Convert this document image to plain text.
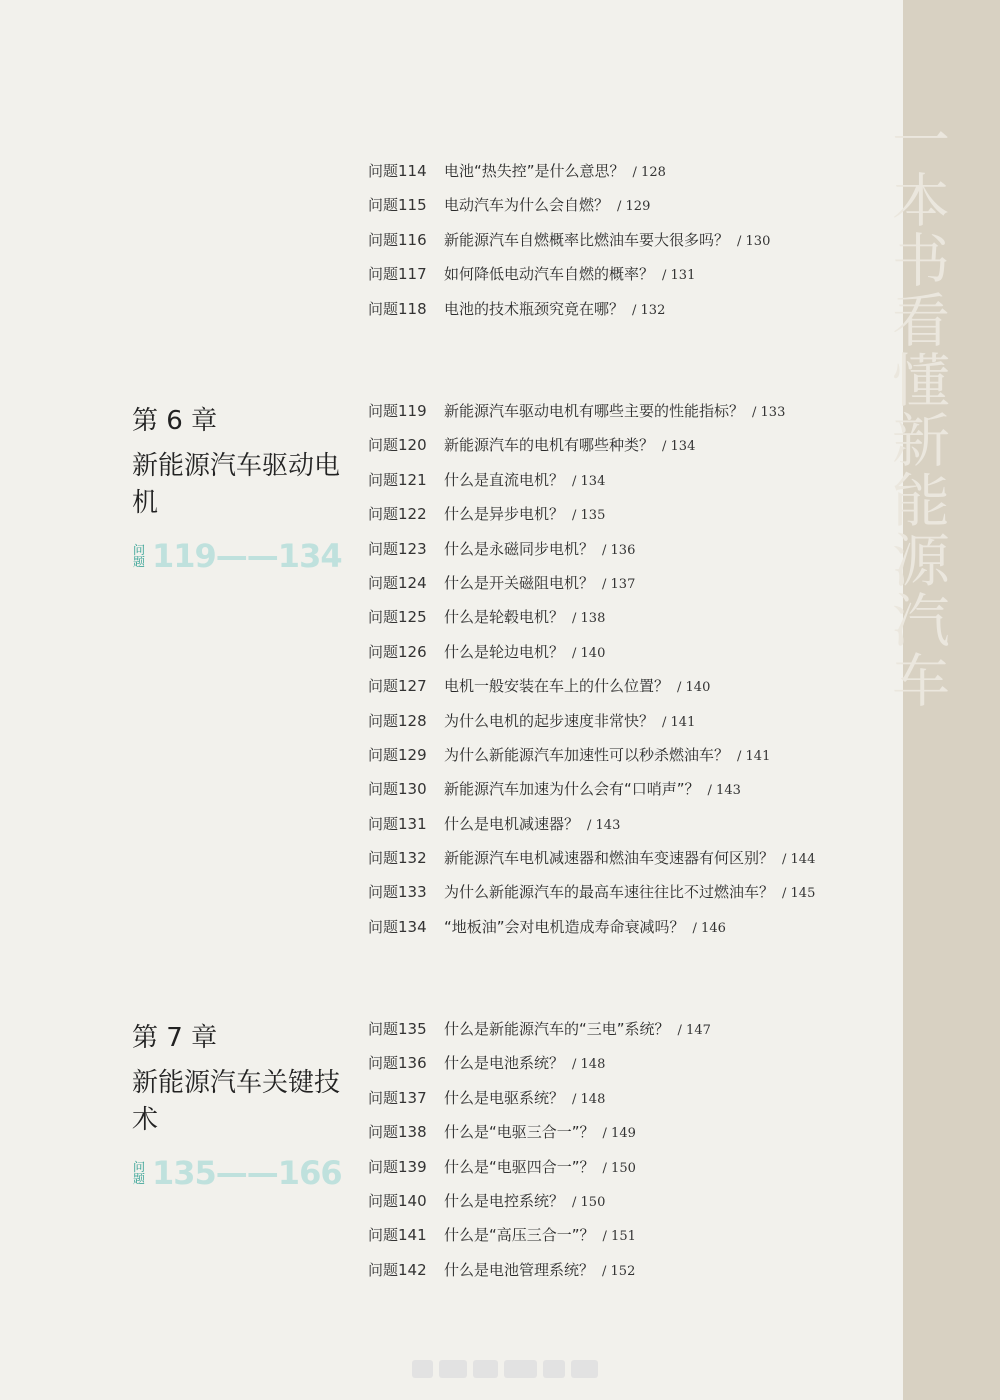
一本书看懂新能源汽车
问题114 电池“热失控”是什么意思？ / 128
问题115 电动汽车为什么会自燃？ / 129
问题116 新能源汽车自燃概率比燃油车要大很多吗？ / 130
问题117 如何降低电动汽车自燃的概率？ / 131
问题118 电池的技术瓶颈究竟在哪？ / 132
第 6 章
新能源汽车驱动电机
问题 119——134
问题119 新能源汽车驱动电机有哪些主要的性能指标？ / 133
问题120 新能源汽车的电机有哪些种类？ / 134
问题121 什么是直流电机？ / 134
问题122 什么是异步电机？ / 135
问题123 什么是永磁同步电机？ / 136
问题124 什么是开关磁阻电机？ / 137
问题125 什么是轮毂电机？ / 138
问题126 什么是轮边电机？ / 140
问题127 电机一般安装在车上的什么位置？ / 140
问题128 为什么电机的起步速度非常快？ / 141
问题129 为什么新能源汽车加速性可以秒杀燃油车？ / 141
问题130 新能源汽车加速为什么会有“口哨声”？ / 143
问题131 什么是电机减速器？ / 143
问题132 新能源汽车电机减速器和燃油车变速器有何区别？ / 144
问题133 为什么新能源汽车的最高车速往往比不过燃油车？ / 145
问题134 “地板油”会对电机造成寿命衰减吗？ / 146
第 7 章
新能源汽车关键技术
问题 135——166
问题135 什么是新能源汽车的“三电”系统？ / 147
问题136 什么是电池系统？ / 148
问题137 什么是电驱系统？ / 148
问题138 什么是“电驱三合一”？ / 149
问题139 什么是“电驱四合一”？ / 150
问题140 什么是电控系统？ / 150
问题141 什么是“高压三合一”？ / 151
问题142 什么是电池管理系统？ / 152
